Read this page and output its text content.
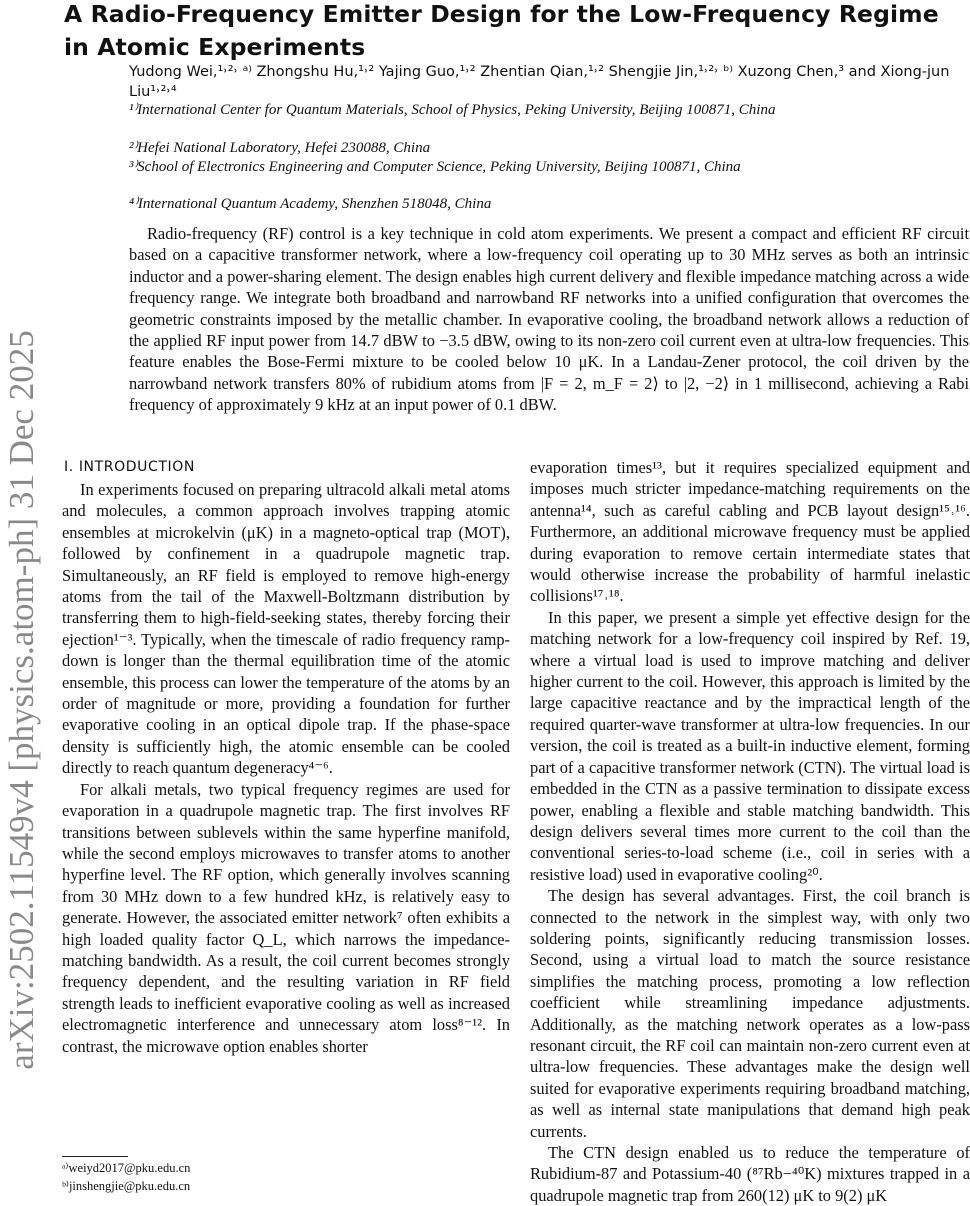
arXiv:2502.11549v4 [physics.atom-ph] 31 Dec 2025
A Radio-Frequency Emitter Design for the Low-Frequency Regime in Atomic Experiments
Yudong Wei,¹˒²˒ ᵃ⁾ Zhongshu Hu,¹˒² Yajing Guo,¹˒² Zhentian Qian,¹˒² Shengjie Jin,¹˒²˒ ᵇ⁾ Xuzong Chen,³ and Xiong-jun Liu¹˒²˒⁴
¹⁾International Center for Quantum Materials, School of Physics, Peking University, Beijing 100871, China
²⁾Hefei National Laboratory, Hefei 230088, China
³⁾School of Electronics Engineering and Computer Science, Peking University, Beijing 100871, China
⁴⁾International Quantum Academy, Shenzhen 518048, China
Radio-frequency (RF) control is a key technique in cold atom experiments. We present a compact and efficient RF circuit based on a capacitive transformer network, where a low-frequency coil operating up to 30 MHz serves as both an intrinsic inductor and a power-sharing element. The design enables high current delivery and flexible impedance matching across a wide frequency range. We integrate both broadband and narrowband RF networks into a unified configuration that overcomes the geometric constraints imposed by the metallic chamber. In evaporative cooling, the broadband network allows a reduction of the applied RF input power from 14.7 dBW to −3.5 dBW, owing to its non-zero coil current even at ultra-low frequencies. This feature enables the Bose-Fermi mixture to be cooled below 10 μK. In a Landau-Zener protocol, the coil driven by the narrowband network transfers 80% of rubidium atoms from |F = 2, m_F = 2⟩ to |2, −2⟩ in 1 millisecond, achieving a Rabi frequency of approximately 9 kHz at an input power of 0.1 dBW.
I. INTRODUCTION

In experiments focused on preparing ultracold alkali metal atoms and molecules, a common approach involves trapping atomic ensembles at microkelvin (μK) in a magneto-optical trap (MOT), followed by confinement in a quadrupole magnetic trap. Simultaneously, an RF field is employed to remove high-energy atoms from the tail of the Maxwell-Boltzmann distribution by transferring them to high-field-seeking states, thereby forcing their ejection¹⁻³. Typically, when the timescale of radio frequency ramp-down is longer than the thermal equilibration time of the atomic ensemble, this process can lower the temperature of the atoms by an order of magnitude or more, providing a foundation for further evaporative cooling in an optical dipole trap. If the phase-space density is sufficiently high, the atomic ensemble can be cooled directly to reach quantum degeneracy⁴⁻⁶.

For alkali metals, two typical frequency regimes are used for evaporation in a quadrupole magnetic trap. The first involves RF transitions between sublevels within the same hyperfine manifold, while the second employs microwaves to transfer atoms to another hyperfine level. The RF option, which generally involves scanning from 30 MHz down to a few hundred kHz, is relatively easy to generate. However, the associated emitter network⁷ often exhibits a high loaded quality factor Q_L, which narrows the impedance-matching bandwidth. As a result, the coil current becomes strongly frequency dependent, and the resulting variation in RF field strength leads to inefficient evaporative cooling as well as increased electromagnetic interference and unnecessary atom loss⁸⁻¹². In contrast, the microwave option enables shorter

evaporation times¹³, but it requires specialized equipment and imposes much stricter impedance-matching requirements on the antenna¹⁴, such as careful cabling and PCB layout design¹⁵˒¹⁶. Furthermore, an additional microwave frequency must be applied during evaporation to remove certain intermediate states that would otherwise increase the probability of harmful inelastic collisions¹⁷˒¹⁸.

In this paper, we present a simple yet effective design for the matching network for a low-frequency coil inspired by Ref. 19, where a virtual load is used to improve matching and deliver higher current to the coil. However, this approach is limited by the large capacitive reactance and by the impractical length of the required quarter-wave transformer at ultra-low frequencies. In our version, the coil is treated as a built-in inductive element, forming part of a capacitive transformer network (CTN). The virtual load is embedded in the CTN as a passive termination to dissipate excess power, enabling a flexible and stable matching bandwidth. This design delivers several times more current to the coil than the conventional series-to-load scheme (i.e., coil in series with a resistive load) used in evaporative cooling²⁰.

The design has several advantages. First, the coil branch is connected to the network in the simplest way, with only two soldering points, significantly reducing transmission losses. Second, using a virtual load to match the source resistance simplifies the matching process, promoting a low reflection coefficient while streamlining impedance adjustments. Additionally, as the matching network operates as a low-pass resonant circuit, the RF coil can maintain non-zero current even at ultra-low frequencies. These advantages make the design well suited for evaporative experiments requiring broadband matching, as well as internal state manipulations that demand high peak currents.

The CTN design enabled us to reduce the temperature of Rubidium-87 and Potassium-40 (⁸⁷Rb−⁴⁰K) mixtures trapped in a quadrupole magnetic trap from 260(12) μK to 9(2) μK

ᵃ⁾weiyd2017@pku.edu.cn
ᵇ⁾jinshengjie@pku.edu.cn
